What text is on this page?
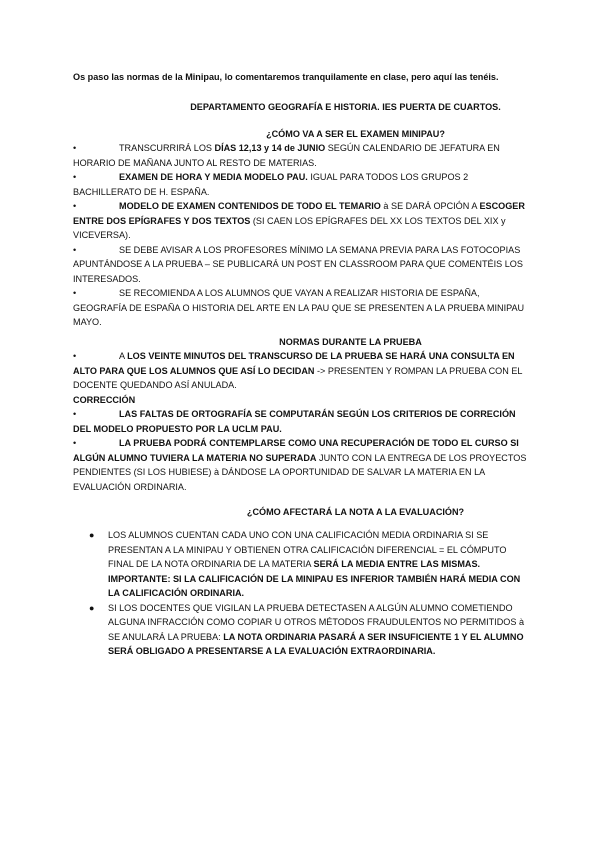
Os paso las normas de la Minipau, lo comentaremos tranquilamente en clase, pero aquí las tenéis.
DEPARTAMENTO GEOGRAFÍA E HISTORIA. IES PUERTA DE CUARTOS.
¿CÓMO VA A SER EL EXAMEN MINIPAU?
•	TRANSCURRIRÁ LOS DÍAS 12,13 y 14 de JUNIO SEGÚN CALENDARIO DE JEFATURA EN HORARIO DE MAÑANA JUNTO AL RESTO DE MATERIAS.
•	EXAMEN DE HORA Y MEDIA MODELO PAU. IGUAL PARA TODOS LOS GRUPOS 2 BACHILLERATO DE H. ESPAÑA.
•	MODELO DE EXAMEN CONTENIDOS DE TODO EL TEMARIO à SE DARÁ OPCIÓN A ESCOGER ENTRE DOS EPÍGRAFES Y DOS TEXTOS (SI CAEN LOS EPÍGRAFES DEL XX LOS TEXTOS DEL XIX y VICEVERSA).
•	SE DEBE AVISAR A LOS PROFESORES MÍNIMO LA SEMANA PREVIA PARA LAS FOTOCOPIAS APUNTÁNDOSE A LA PRUEBA – SE PUBLICARÁ UN POST EN CLASSROOM PARA QUE COMENTÉIS LOS INTERESADOS.
•	SE RECOMIENDA A LOS ALUMNOS QUE VAYAN A REALIZAR HISTORIA DE ESPAÑA, GEOGRAFÍA DE ESPAÑA O HISTORIA DEL ARTE EN LA PAU QUE SE PRESENTEN A LA PRUEBA MINIPAU MAYO.
NORMAS DURANTE LA PRUEBA
•	A LOS VEINTE MINUTOS DEL TRANSCURSO DE LA PRUEBA SE HARÁ UNA CONSULTA EN ALTO PARA QUE LOS ALUMNOS QUE ASÍ LO DECIDAN -> PRESENTEN Y ROMPAN LA PRUEBA CON EL DOCENTE QUEDANDO ASÍ ANULADA.
CORRECCIÓN
•	LAS FALTAS DE ORTOGRAFÍA SE COMPUTARÁN SEGÚN LOS CRITERIOS DE CORRECIÓN DEL MODELO PROPUESTO POR LA UCLM PAU.
•	LA PRUEBA PODRÁ CONTEMPLARSE COMO UNA RECUPERACIÓN DE TODO EL CURSO SI ALGÚN ALUMNO TUVIERA LA MATERIA NO SUPERADA JUNTO CON LA ENTREGA DE LOS PROYECTOS PENDIENTES (SI LOS HUBIESE) à DÁNDOSE LA OPORTUNIDAD DE SALVAR LA MATERIA EN LA EVALUACIÓN ORDINARIA.
¿CÓMO AFECTARÁ LA NOTA A LA EVALUACIÓN?
● LOS ALUMNOS CUENTAN CADA UNO CON UNA CALIFICACIÓN MEDIA ORDINARIA SI SE PRESENTAN A LA MINIPAU Y OBTIENEN OTRA CALIFICACIÓN DIFERENCIAL = EL CÓMPUTO FINAL DE LA NOTA ORDINARIA DE LA MATERIA SERÁ LA MEDIA ENTRE LAS MISMAS. IMPORTANTE: SI LA CALIFICACIÓN DE LA MINIPAU ES INFERIOR TAMBIÉN HARÁ MEDIA CON LA CALIFICACIÓN ORDINARIA.
● SI LOS DOCENTES QUE VIGILAN LA PRUEBA DETECTASEN A ALGÚN ALUMNO COMETIENDO ALGUNA INFRACCIÓN COMO COPIAR U OTROS MÉTODOS FRAUDULENTOS NO PERMITIDOS à SE ANULARÁ LA PRUEBA: LA NOTA ORDINARIA PASARÁ A SER INSUFICIENTE 1 Y EL ALUMNO SERÁ OBLIGADO A PRESENTARSE A LA EVALUACIÓN EXTRAORDINARIA.
